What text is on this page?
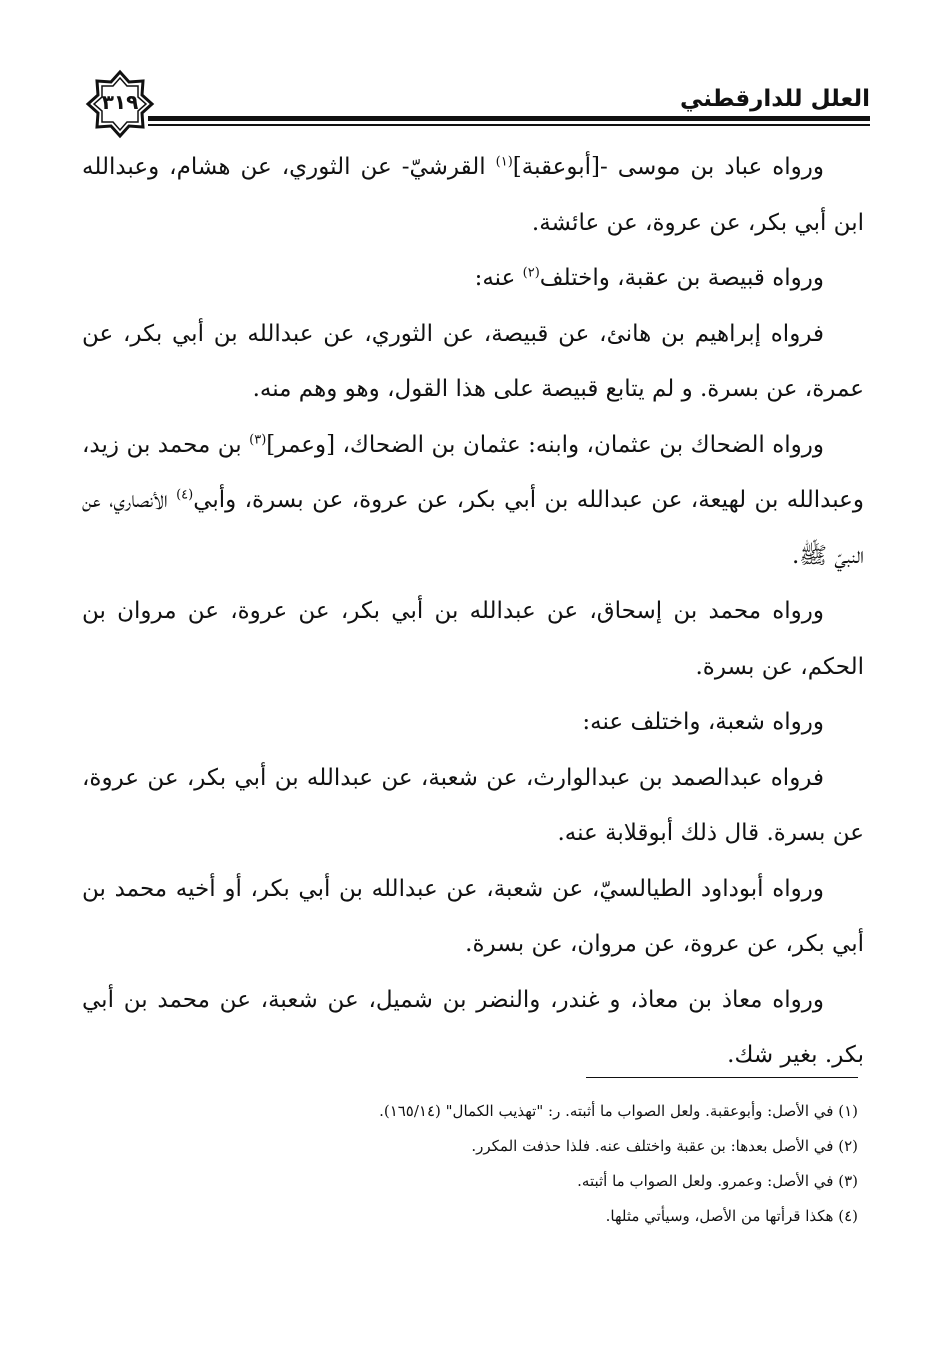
٣١٩	العلل للدارقطني

ورواه عباد بن موسى -[أبوعقبة]$^{(١)}$ القرشيّ- عن الثوري، عن هشام، وعبدالله ابن أبي بكر، عن عروة، عن عائشة.

ورواه قبيصة بن عقبة، واختلف$^{(٢)}$ عنه:

فرواه إبراهيم بن هانئ، عن قبيصة، عن الثوري، عن عبدالله بن أبي بكر، عن عمرة، عن بسرة. و لم يتابع قبيصة على هذا القول، وهو وهم منه.

ورواه الضحاك بن عثمان، وابنه: عثمان بن الضحاك، [وعمر]$^{(٣)}$ بن محمد بن زيد، وعبدالله بن لهيعة، عن عبدالله بن أبي بكر، عن عروة، عن بسرة، وأبي$^{(٤)}$ الأنصاري، عن النبيّ ﷺ.

ورواه محمد بن إسحاق، عن عبدالله بن أبي بكر، عن عروة، عن مروان بن الحكم، عن بسرة.

ورواه شعبة، واختلف عنه:

فرواه عبدالصمد بن عبدالوارث، عن شعبة، عن عبدالله بن أبي بكر، عن عروة، عن بسرة. قال ذلك أبوقلابة عنه.

ورواه أبوداود الطيالسيّ، عن شعبة، عن عبدالله بن أبي بكر، أو أخيه محمد بن أبي بكر، عن عروة، عن مروان، عن بسرة.

ورواه معاذ بن معاذ، و غندر، والنضر بن شميل، عن شعبة، عن محمد بن أبي بكر. بغير شك.

(١) في الأصل: وأبوعقبة. ولعل الصواب ما أثبته. ر: "تهذيب الكمال" (١٦٥/١٤).

(٢) في الأصل بعدها: بن عقبة واختلف عنه. فلذا حذفت المكرر.

(٣) في الأصل: وعمرو. ولعل الصواب ما أثبته.

(٤) هكذا قرأتها من الأصل، وسيأتي مثلها.
